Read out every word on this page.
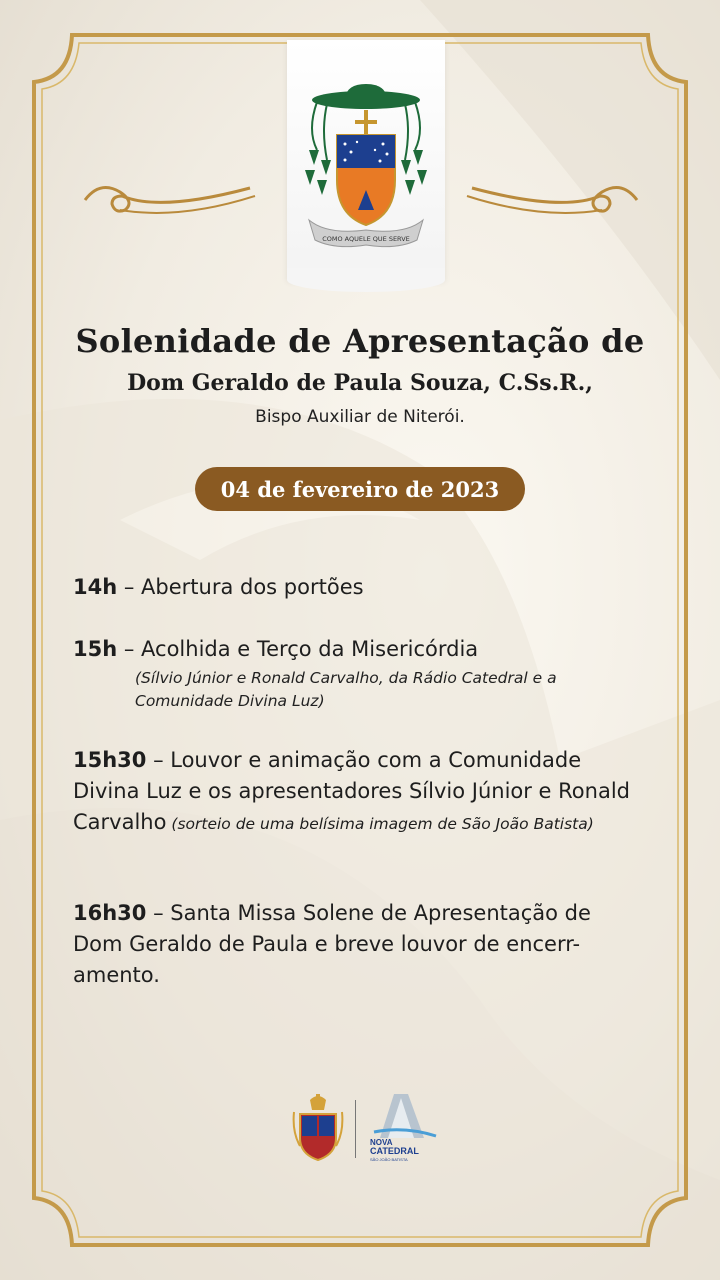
COMO AQUELE QUE SERVE
Solenidade de Apresentação de
Dom Geraldo de Paula Souza, C.Ss.R.,
Bispo Auxiliar de Niterói.
04 de fevereiro de 2023
14h – Abertura dos portões
15h – Acolhida e Terço da Misericórdia
(Sílvio Júnior e Ronald Carvalho, da Rádio Catedral e a Comunidade Divina Luz)
15h30 – Louvor e animação com a Comunidade Divina Luz e os apresentadores Sílvio Júnior e Ronald Carvalho (sorteio de uma belísima imagem de São João Batista)
16h30 – Santa Missa Solene de Apresentação de Dom Geraldo de Paula e breve louvor de encerr-amento.
NOVA
CATEDRAL
SÃO JOÃO BATISTA
